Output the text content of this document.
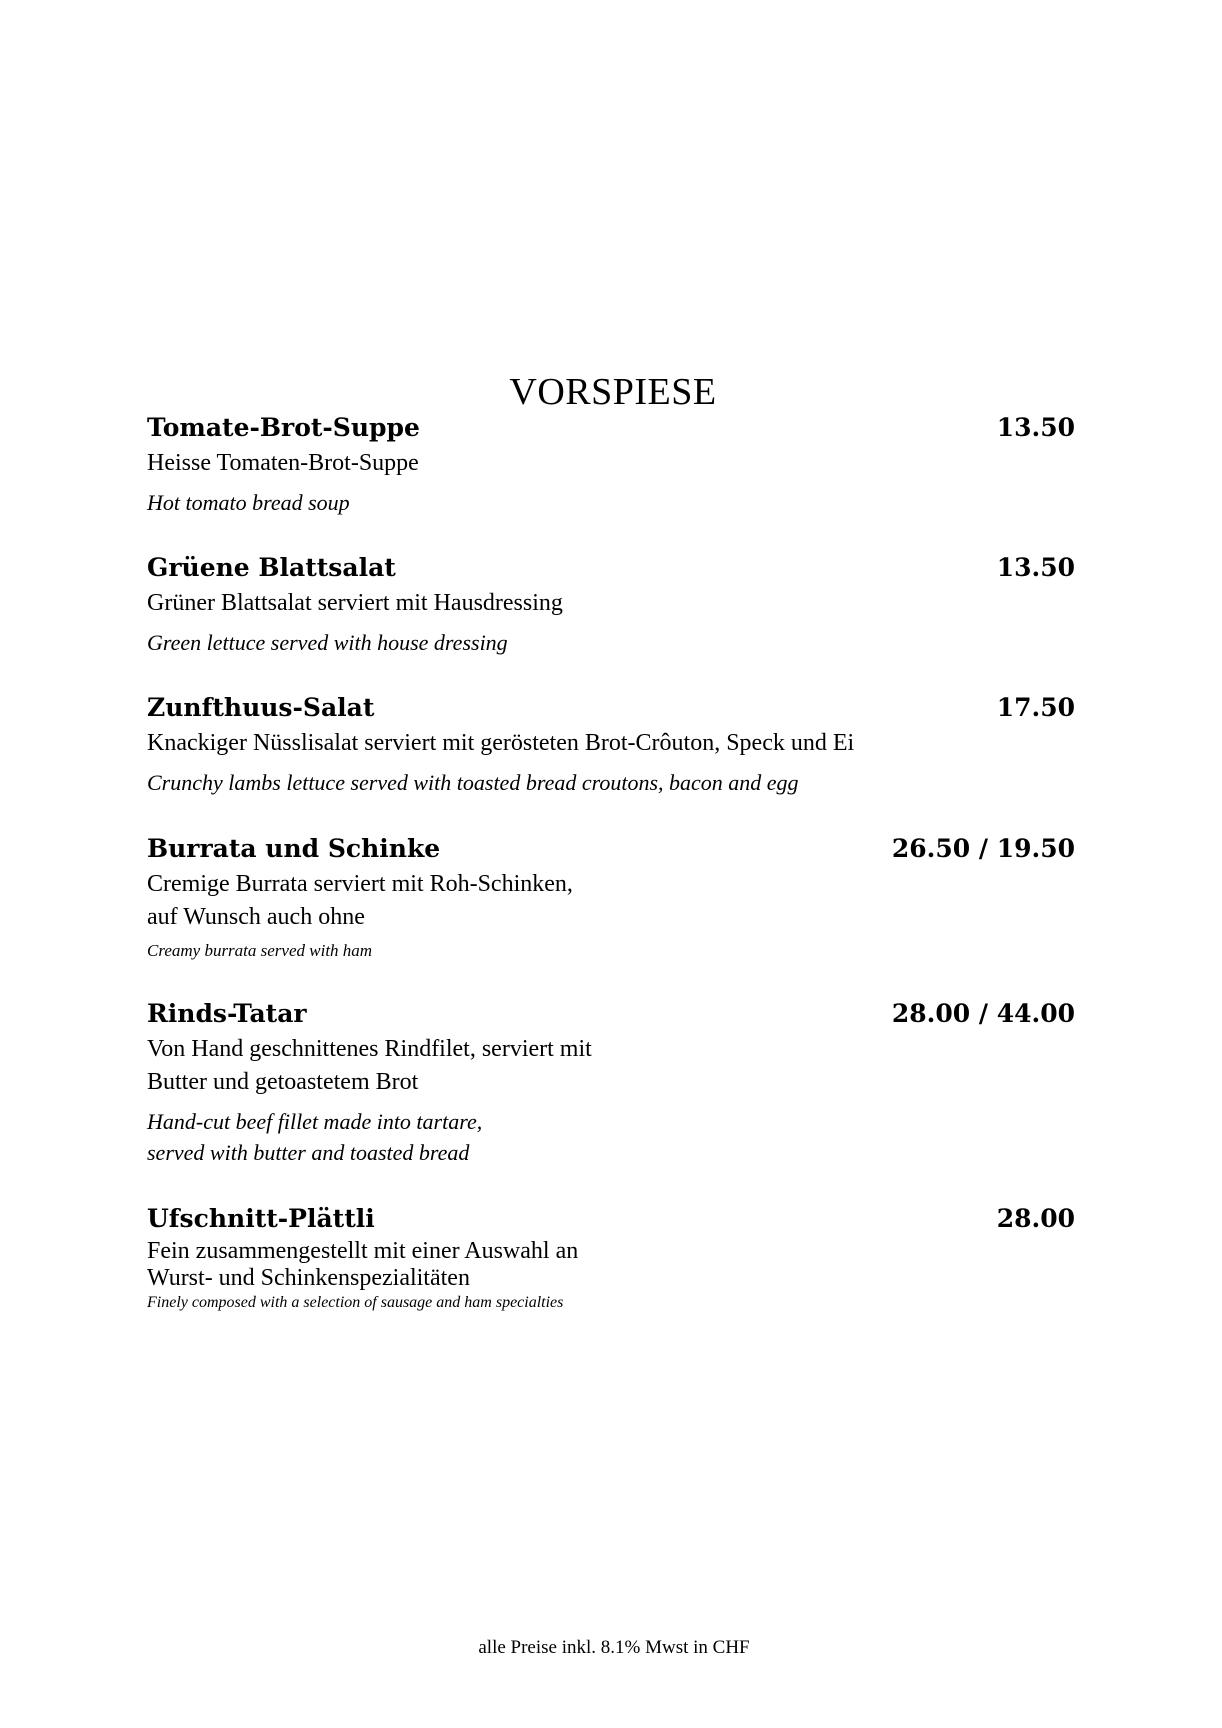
VORSPIESE
Tomate-Brot-Suppe	13.50
Heisse Tomaten-Brot-Suppe
Hot tomato bread soup
Grüene Blattsalat	13.50
Grüner Blattsalat serviert mit Hausdressing
Green lettuce served with house dressing
Zunfthuus-Salat	17.50
Knackiger Nüsslisalat serviert mit gerösteten Brot-Crôuton, Speck und Ei
Crunchy lambs lettuce served with toasted bread croutons, bacon and egg
Burrata und Schinke	26.50 / 19.50
Cremige Burrata serviert mit Roh-Schinken,
auf Wunsch auch ohne
Creamy burrata served with ham
Rinds-Tatar	28.00 / 44.00
Von Hand geschnittenes Rindfilet, serviert mit
Butter und getoastetem Brot
Hand-cut beef fillet made into tartare,
served with butter and toasted bread
Ufschnitt-Plättli	28.00
Fein zusammengestellt mit einer Auswahl an
Wurst- und Schinkenspezialitäten
Finely composed with a selection of sausage and ham specialties
alle Preise inkl. 8.1% Mwst in CHF
